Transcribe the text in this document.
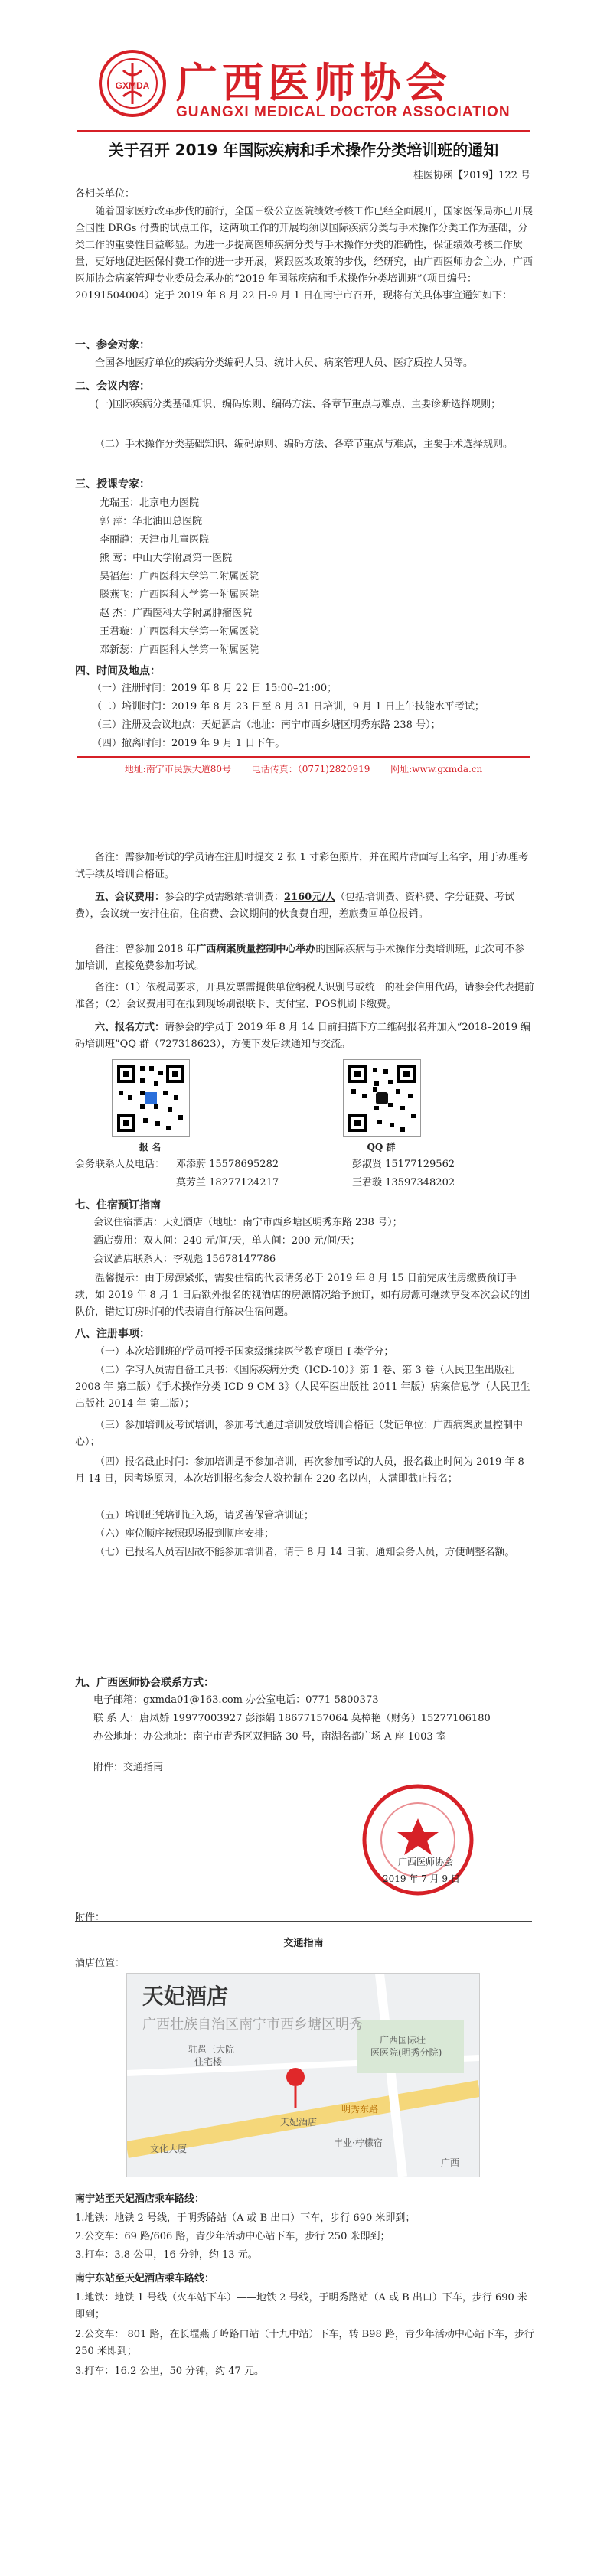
GXMDA 广西医师协会
GUANGXI MEDICAL DOCTOR ASSOCIATION
关于召开 2019 年国际疾病和手术操作分类培训班的通知
桂医协函【2019】122 号
各相关单位：
随着国家医疗改革步伐的前行，全国三级公立医院绩效考核工作已经全面展开，国家医保局亦已开展全国性 DRGs 付费的试点工作，这两项工作的开展均须以国际疾病分类与手术操作分类工作为基础，分类工作的重要性日益彰显。为进一步提高医师疾病分类与手术操作分类的准确性，保证绩效考核工作质量，更好地促进医保付费工作的进一步开展，紧跟医改政策的步伐，经研究，由广西医师协会主办，广西医师协会病案管理专业委员会承办的“2019 年国际疾病和手术操作分类培训班”（项目编号：20191504004）定于 2019 年 8 月 22 日-9 月 1 日在南宁市召开，现将有关具体事宜通知如下：
一、参会对象：
全国各地医疗单位的疾病分类编码人员、统计人员、病案管理人员、医疗质控人员等。
二、会议内容：
(一)国际疾病分类基础知识、编码原则、编码方法、各章节重点与难点、主要诊断选择规则；
（二）手术操作分类基础知识、编码原则、编码方法、各章节重点与难点，主要手术选择规则。
三、授课专家：
尤瑞玉：北京电力医院
郭 萍：华北油田总医院
李丽静：天津市儿童医院
熊 莺：中山大学附属第一医院
吴福莲：广西医科大学第二附属医院
滕燕飞：广西医科大学第一附属医院
赵 杰：广西医科大学附属肿瘤医院
王君璇：广西医科大学第一附属医院
邓新蕊：广西医科大学第一附属医院
四、时间及地点：
（一）注册时间：2019 年 8 月 22 日 15:00–21:00；
（二）培训时间：2019 年 8 月 23 日至 8 月 31 日培训，9 月 1 日上午技能水平考试；
（三）注册及会议地点：天妃酒店（地址：南宁市西乡塘区明秀东路 238 号）；
（四）撤离时间：2019 年 9 月 1 日下午。
地址:南宁市民族大道80号 电话传真：（0771)2820919 网址:www.gxmda.cn
备注：需参加考试的学员请在注册时提交 2 张 1 寸彩色照片，并在照片背面写上名字，用于办理考试手续及培训合格证。
五、会议费用：参会的学员需缴纳培训费：2160元/人（包括培训费、资料费、学分证费、考试费），会议统一安排住宿，住宿费、会议期间的伙食费自理，差旅费回单位报销。
备注：曾参加 2018 年广西病案质量控制中心举办的国际疾病与手术操作分类培训班，此次可不参加培训，直接免费参加考试。
备注：（1）依税局要求，开具发票需提供单位纳税人识别号或统一的社会信用代码，请参会代表提前准备；（2）会议费用可在报到现场刷银联卡、支付宝、POS机刷卡缴费。
六、报名方式：请参会的学员于 2019 年 8 月 14 日前扫描下方二维码报名并加入“2018–2019 编码培训班”QQ 群（727318623），方便下发后续通知与交流。
报 名	QQ 群
会务联系人及电话： 邓添蔚 15578695282	彭淑贤 15177129562
莫芳兰 18277124217	王君璇 13597348202
七、住宿预订指南
会议住宿酒店：天妃酒店（地址：南宁市西乡塘区明秀东路 238 号）；
酒店费用：双人间：240 元/间/天，单人间：200 元/间/天；
会议酒店联系人：李观彪 15678147786
温馨提示：由于房源紧张，需要住宿的代表请务必于 2019 年 8 月 15 日前完成住房缴费预订手续，如 2019 年 8 月 1 日后额外报名的视酒店的房源情况给予预订，如有房源可继续享受本次会议的团队价，错过订房时间的代表请自行解决住宿问题。
八、注册事项：
（一）本次培训班的学员可授予国家级继续医学教育项目 I 类学分；
（二）学习人员需自备工具书：《国际疾病分类（ICD-10）》第 1 卷、第 3 卷（人民卫生出版社 2008 年 第二版）《手术操作分类 ICD-9-CM-3》（人民军医出版社 2011 年版）病案信息学（人民卫生出版社 2014 年 第二版）；
（三）参加培训及考试培训，参加考试通过培训发放培训合格证（发证单位：广西病案质量控制中心）；
（四）报名截止时间：参加培训是不参加培训，再次参加考试的人员，报名截止时间为 2019 年 8 月 14 日，因考场原因，本次培训报名参会人数控制在 220 名以内，人满即截止报名；
（五）培训班凭培训证入场，请妥善保管培训证；
（六）座位顺序按照现场报到顺序安排；
（七）已报名人员若因故不能参加培训者，请于 8 月 14 日前，通知会务人员，方便调整名额。
九、广西医师协会联系方式：
电子邮箱：gxmda01@163.com 办公室电话：0771-5800373
联 系 人：唐凤娇 19977003927 彭添娟 18677157064 莫樟艳（财务）15277106180
办公地址：办公地址：南宁市青秀区双拥路 30 号，南湖名都广场 A 座 1003 室
附件：交通指南
广西医师协会
2019 年 7 月 9 日
附件：
交通指南
酒店位置：
天妃酒店
广西壮族自治区南宁市西乡塘区明秀
驻邕三大院
住宅楼
广西国际壮
医医院(明秀分院)
天妃酒店
明秀东路
文化大厦
丰业·柠檬宿
广西
南宁站至天妃酒店乘车路线：
1.地铁：地铁 2 号线，于明秀路站（A 或 B 出口）下车，步行 690 米即到；
2.公交车：69 路/606 路，青少年活动中心站下车，步行 250 米即到；
3.打车：3.8 公里，16 分钟，约 13 元。
南宁东站至天妃酒店乘车路线：
1.地铁：地铁 1 号线（火车站下车）——地铁 2 号线，于明秀路站（A 或 B 出口）下车，步行 690 米即到；
2.公交车： 801 路，在长堽燕子岭路口站（十九中站）下车，转 B98 路，青少年活动中心站下车，步行 250 米即到；
3.打车：16.2 公里，50 分钟，约 47 元。
